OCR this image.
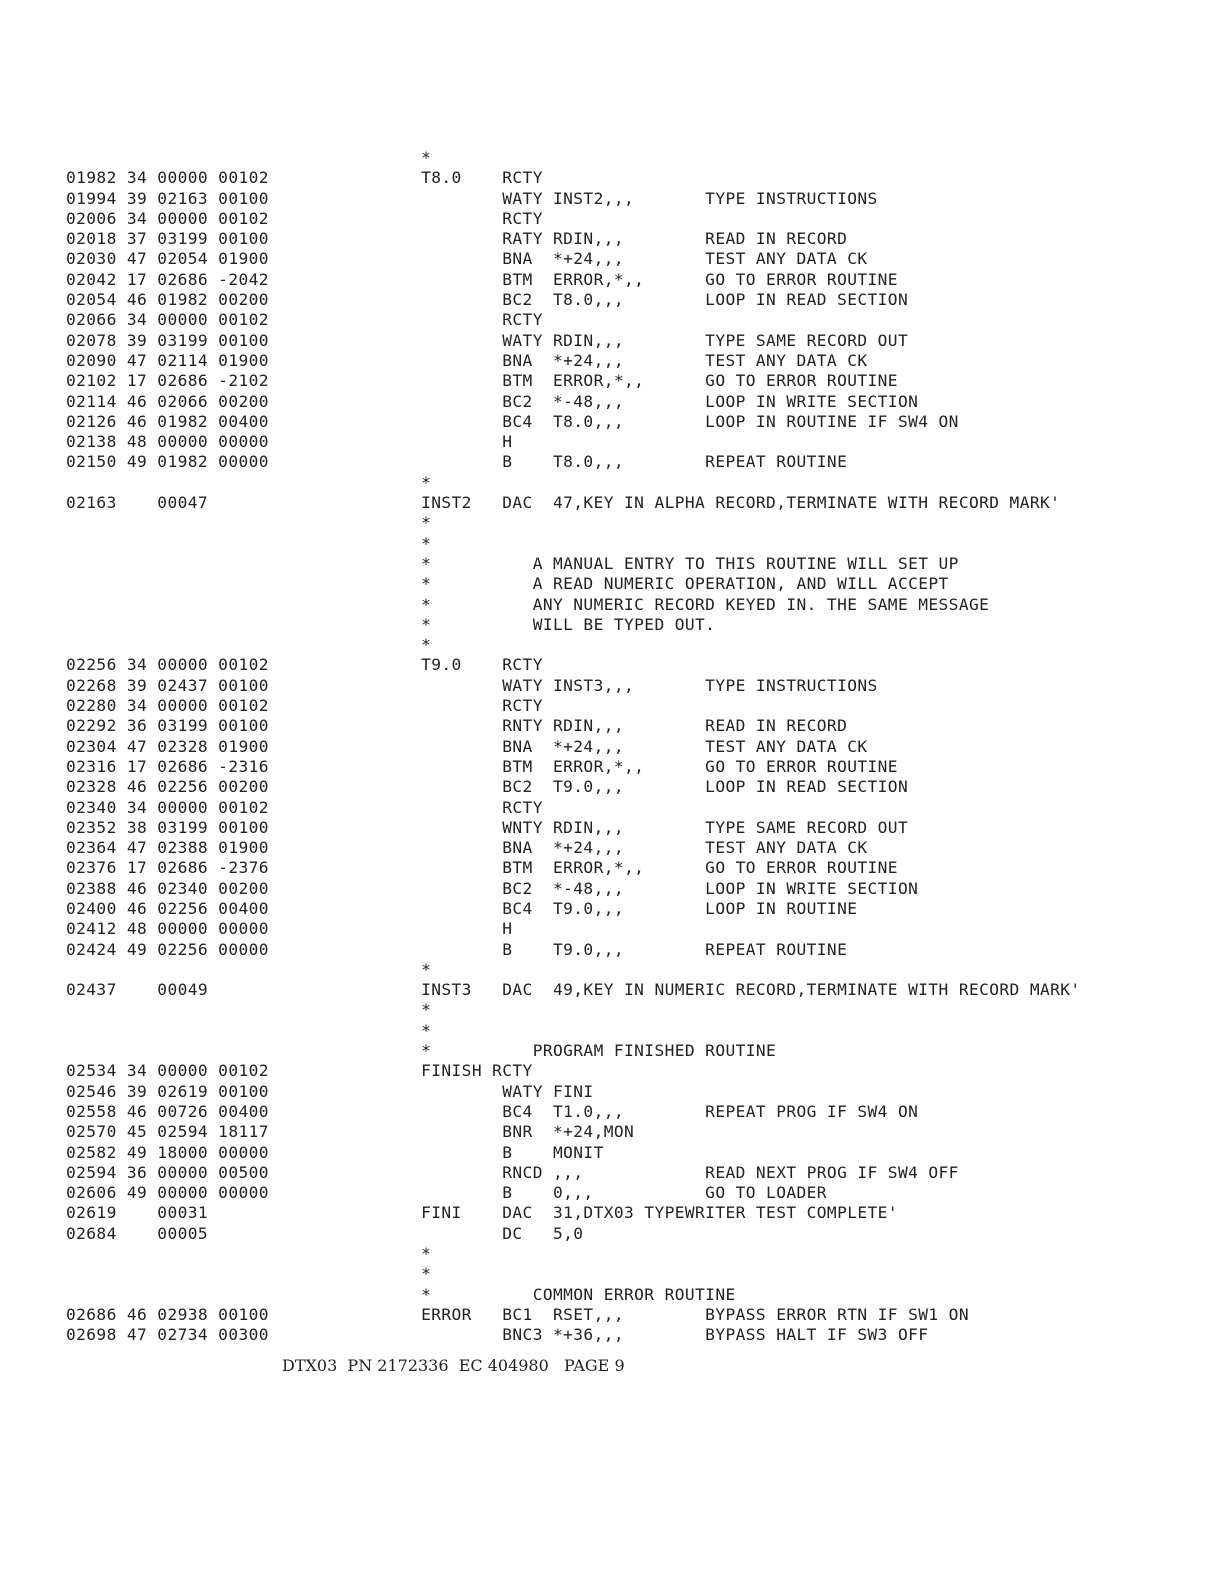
*
01982 34 00000 00102               T8.0    RCTY
01994 39 02163 00100                       WATY INST2,,,       TYPE INSTRUCTIONS
02006 34 00000 00102                       RCTY
02018 37 03199 00100                       RATY RDIN,,,        READ IN RECORD
02030 47 02054 01900                       BNA  *+24,,,        TEST ANY DATA CK
02042 17 02686 -2042                       BTM  ERROR,*,,      GO TO ERROR ROUTINE
02054 46 01982 00200                       BC2  T8.0,,,        LOOP IN READ SECTION
02066 34 00000 00102                       RCTY
02078 39 03199 00100                       WATY RDIN,,,        TYPE SAME RECORD OUT
02090 47 02114 01900                       BNA  *+24,,,        TEST ANY DATA CK
02102 17 02686 -2102                       BTM  ERROR,*,,      GO TO ERROR ROUTINE
02114 46 02066 00200                       BC2  *-48,,,        LOOP IN WRITE SECTION
02126 46 01982 00400                       BC4  T8.0,,,        LOOP IN ROUTINE IF SW4 ON
02138 48 00000 00000                       H
02150 49 01982 00000                       B    T8.0,,,        REPEAT ROUTINE
*
02163    00047                     INST2   DAC  47,KEY IN ALPHA RECORD,TERMINATE WITH RECORD MARK'
*
*
*          A MANUAL ENTRY TO THIS ROUTINE WILL SET UP
*          A READ NUMERIC OPERATION, AND WILL ACCEPT
*          ANY NUMERIC RECORD KEYED IN. THE SAME MESSAGE
*          WILL BE TYPED OUT.
*
02256 34 00000 00102               T9.0    RCTY
02268 39 02437 00100                       WATY INST3,,,       TYPE INSTRUCTIONS
02280 34 00000 00102                       RCTY
02292 36 03199 00100                       RNTY RDIN,,,        READ IN RECORD
02304 47 02328 01900                       BNA  *+24,,,        TEST ANY DATA CK
02316 17 02686 -2316                       BTM  ERROR,*,,      GO TO ERROR ROUTINE
02328 46 02256 00200                       BC2  T9.0,,,        LOOP IN READ SECTION
02340 34 00000 00102                       RCTY
02352 38 03199 00100                       WNTY RDIN,,,        TYPE SAME RECORD OUT
02364 47 02388 01900                       BNA  *+24,,,        TEST ANY DATA CK
02376 17 02686 -2376                       BTM  ERROR,*,,      GO TO ERROR ROUTINE
02388 46 02340 00200                       BC2  *-48,,,        LOOP IN WRITE SECTION
02400 46 02256 00400                       BC4  T9.0,,,        LOOP IN ROUTINE
02412 48 00000 00000                       H
02424 49 02256 00000                       B    T9.0,,,        REPEAT ROUTINE
*
02437    00049                     INST3   DAC  49,KEY IN NUMERIC RECORD,TERMINATE WITH RECORD MARK'
*
*
*          PROGRAM FINISHED ROUTINE
02534 34 00000 00102               FINISH RCTY
02546 39 02619 00100                       WATY FINI
02558 46 00726 00400                       BC4  T1.0,,,        REPEAT PROG IF SW4 ON
02570 45 02594 18117                       BNR  *+24,MON
02582 49 18000 00000                       B    MONIT
02594 36 00000 00500                       RNCD ,,,            READ NEXT PROG IF SW4 OFF
02606 49 00000 00000                       B    0,,,           GO TO LOADER
02619    00031                     FINI    DAC  31,DTX03 TYPEWRITER TEST COMPLETE'
02684    00005                             DC   5,0
*
*
*          COMMON ERROR ROUTINE
02686 46 02938 00100               ERROR   BC1  RSET,,,        BYPASS ERROR RTN IF SW1 ON
02698 47 02734 00300                       BNC3 *+36,,,        BYPASS HALT IF SW3 OFF
DTX03  PN 2172336  EC 404980   PAGE 9
